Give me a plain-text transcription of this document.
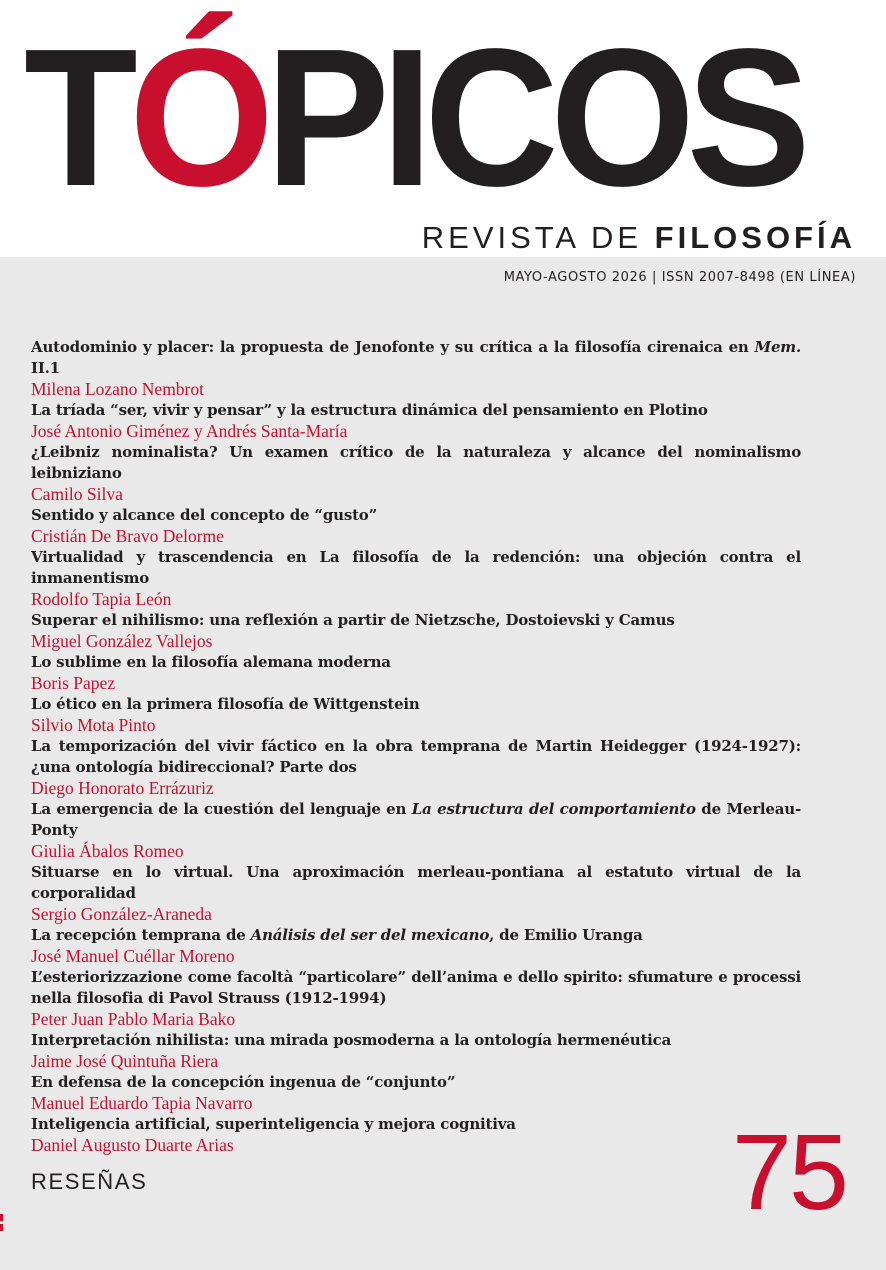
TÓPICOS
REVISTA DE FILOSOFÍA
MAYO-AGOSTO 2026 | ISSN 2007-8498 (EN LÍNEA)
Autodominio y placer: la propuesta de Jenofonte y su crítica a la filosofía cirenaica en Mem. II.1
Milena Lozano Nembrot
La tríada “ser, vivir y pensar” y la estructura dinámica del pensamiento en Plotino
José Antonio Giménez y Andrés Santa-María
¿Leibniz nominalista? Un examen crítico de la naturaleza y alcance del nominalismo leibniziano
Camilo Silva
Sentido y alcance del concepto de “gusto”
Cristián De Bravo Delorme
Virtualidad y trascendencia en La filosofía de la redención: una objeción contra el inmanentismo
Rodolfo Tapia León
Superar el nihilismo: una reflexión a partir de Nietzsche, Dostoievski y Camus
Miguel González Vallejos
Lo sublime en la filosofía alemana moderna
Boris Papez
Lo ético en la primera filosofía de Wittgenstein
Silvio Mota Pinto
La temporización del vivir fáctico en la obra temprana de Martin Heidegger (1924-1927): ¿una ontología bidireccional? Parte dos
Diego Honorato Errázuriz
La emergencia de la cuestión del lenguaje en La estructura del comportamiento de Merleau-Ponty
Giulia Ábalos Romeo
Situarse en lo virtual. Una aproximación merleau-pontiana al estatuto virtual de la corporalidad
Sergio González-Araneda
La recepción temprana de Análisis del ser del mexicano, de Emilio Uranga
José Manuel Cuéllar Moreno
L’esteriorizzazione come facoltà “particolare” dell’anima e dello spirito: sfumature e processi nella filosofia di Pavol Strauss (1912-1994)
Peter Juan Pablo Maria Bako
Interpretación nihilista: una mirada posmoderna a la ontología hermenéutica
Jaime José Quintuña Riera
En defensa de la concepción ingenua de “conjunto”
Manuel Eduardo Tapia Navarro
Inteligencia artificial, superinteligencia y mejora cognitiva
Daniel Augusto Duarte Arias
RESEÑAS	75
